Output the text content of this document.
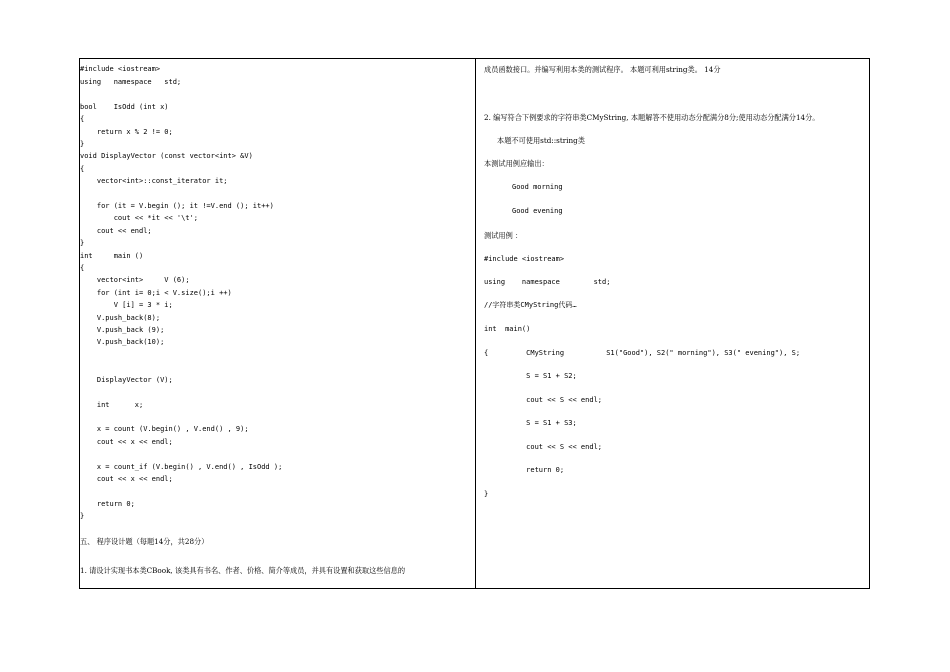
#include <iostream>
using   namespace   std;
bool    IsOdd (int x)
{
return x % 2 != 0;
}
void DisplayVector (const vector<int> &V)
{
vector<int>::const_iterator it;
for (it = V.begin (); it !=V.end (); it++)
cout << *it << '\t';
cout << endl;
}
int     main ()
{
vector<int>     V (6);
for (int i= 0;i < V.size();i ++)
V [i] = 3 * i;
V.push_back(8);
V.push_back (9);
V.push_back(10);
DisplayVector (V);
int      x;
x = count (V.begin() , V.end() , 9);
cout << x << endl;
x = count_if (V.begin() , V.end() , IsOdd );
cout << x << endl;
return 0;
}
五、 程序设计题（每题14分，共28分）
1. 请设计实现书本类CBook, 该类具有书名、作者、价格、简介等成员，并具有设置和获取这些信息的
成员函数接口。并编写利用本类的测试程序。 本题可利用string类。 14分
2. 编写符合下例要求的字符串类CMyString, 本题解答不使用动态分配满分8分;使用动态分配满分14分。
本题不可使用std::string类
本测试用例应输出：
Good morning
Good evening
测试用例 ：
#include <iostream>
using    namespace        std;
//字符串类CMyString代码…
int  main()
{         CMyString          S1("Good"), S2(" morning"), S3(" evening"), S;
S = S1 + S2;
cout << S << endl;
S = S1 + S3;
cout << S << endl;
return 0;
}
